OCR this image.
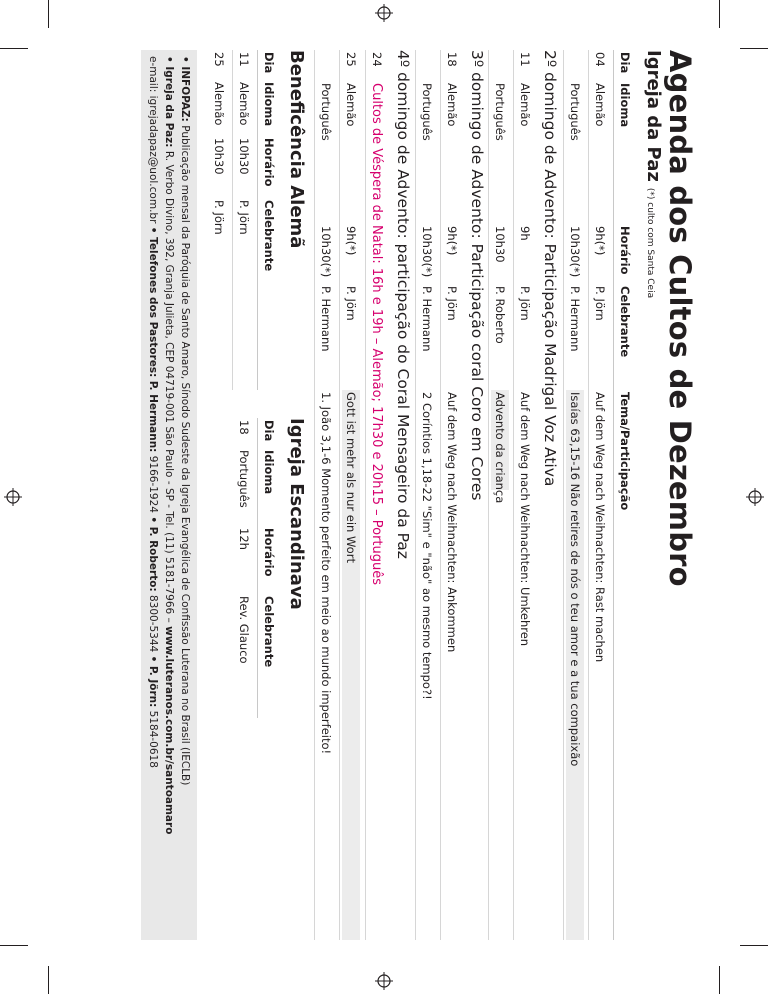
Agenda dos Cultos de Dezembro
Igreja da Paz(*) culto com Santa Ceia
Dia
Idioma
Horário
Celebrante
Tema/Participação
Alemão
9h(*)
P. Jörn
Auf dem Weg nach Weihnachten: Rast machen
04
Português
10h30(*)
P. Hermann
Isaías 63,15-16 Não retires de nós o teu amor e a tua compaixão
2º domingo de Advento: Participação Madrigal Voz Ativa
Alemão
9h
P. Jörn
Auf dem Weg nach Weihnachten: Umkehren
11
Português
10h30
P. Roberto
Advento da criança
3º domingo de Advento: Participação coral Coro em Cores
Alemão
9h(*)
P. Jörn
Auf dem Weg nach Weihnachten: Ankommen
18
Português
10h30(*)
P. Hermann
2 Coríntios 1,18-22 "Sim" e "não" ao mesmo tempo?!
4º domingo de Advento: participação do Coral Mensageiro da Paz
24
Cultos de Véspera de Natal: 16h e 19h – Alemão; 17h30 e 20h15 – Português
Alemão
9h(*)
P. Jörn
Gott ist mehr als nur ein Wort
25
Português
10h30(*)
P. Hermann
1. João 3,1-6 Momento perfeito em meio ao mundo imperfeito!
Beneficência Alemã
Dia
Idioma
Horário
Celebrante
11
Alemão
10h30
P. Jörn
25
Alemão
10h30
P. Jörn
Igreja Escandinava
Dia
Idioma
Horário
Celebrante
18
Português
12h
Rev. Glauco
• INFOPAZ: Publicação mensal da Paróquia de Santo Amaro, Sínodo Sudeste da Igreja Evangélica de Confissão Luterana no Brasil (IECLB)
• Igreja da Paz: R. Verbo Divino, 392, Granja Julieta, CEP 04719-001 São Paulo - SP - Tel. (11) 5181-7966 – www.luteranos.com.br/santoamaro
e-mail: igrejadapaz@uol.com.br • Telefones dos Pastores: P. Hermann: 9166-1924 • P. Roberto: 8300-5344 • P. Jörn: 5184-0618
